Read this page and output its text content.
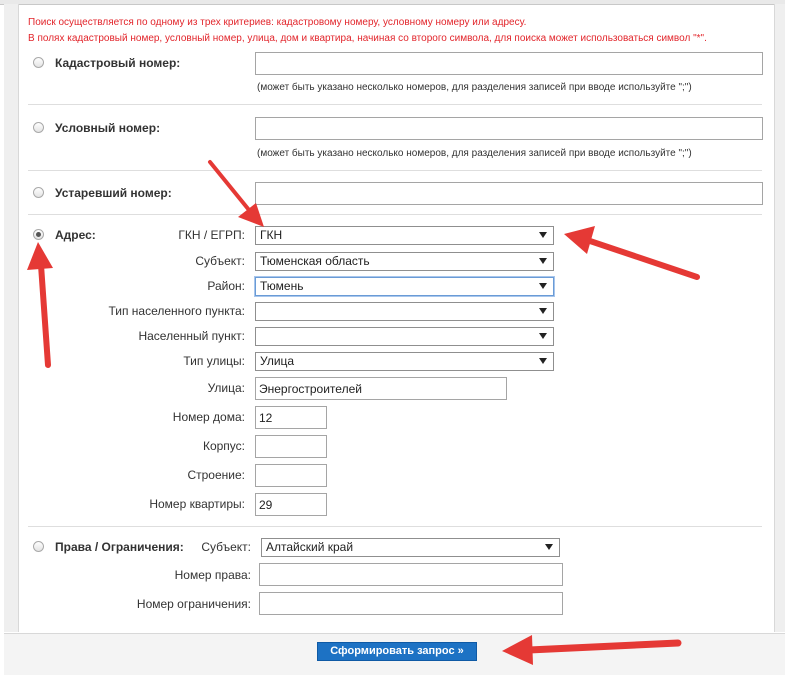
Поиск осуществляется по одному из трех критериев: кадастровому номеру, условному номеру или адресу.
В полях кадастровый номер, условный номер, улица, дом и квартира, начиная со второго символа, для поиска может использоваться символ "*".
Кадастровый номер:
(может быть указано несколько номеров, для разделения записей при вводе используйте ";")
Условный номер:
(может быть указано несколько номеров, для разделения записей при вводе используйте ";")
Устаревший номер:
Адрес:	ГКН / ЕГРП:	ГКН
Субъект:	Тюменская область
Район:	Тюмень
Тип населенного пункта:
Населенный пункт:
Тип улицы:	Улица
Улица:
Энергостроителей
Номер дома:
12
Корпус:
Строение:
Номер квартиры:
29
Права / Ограничения:	Субъект:	Алтайский край
Номер права:
Номер ограничения:
Сформировать запрос »
